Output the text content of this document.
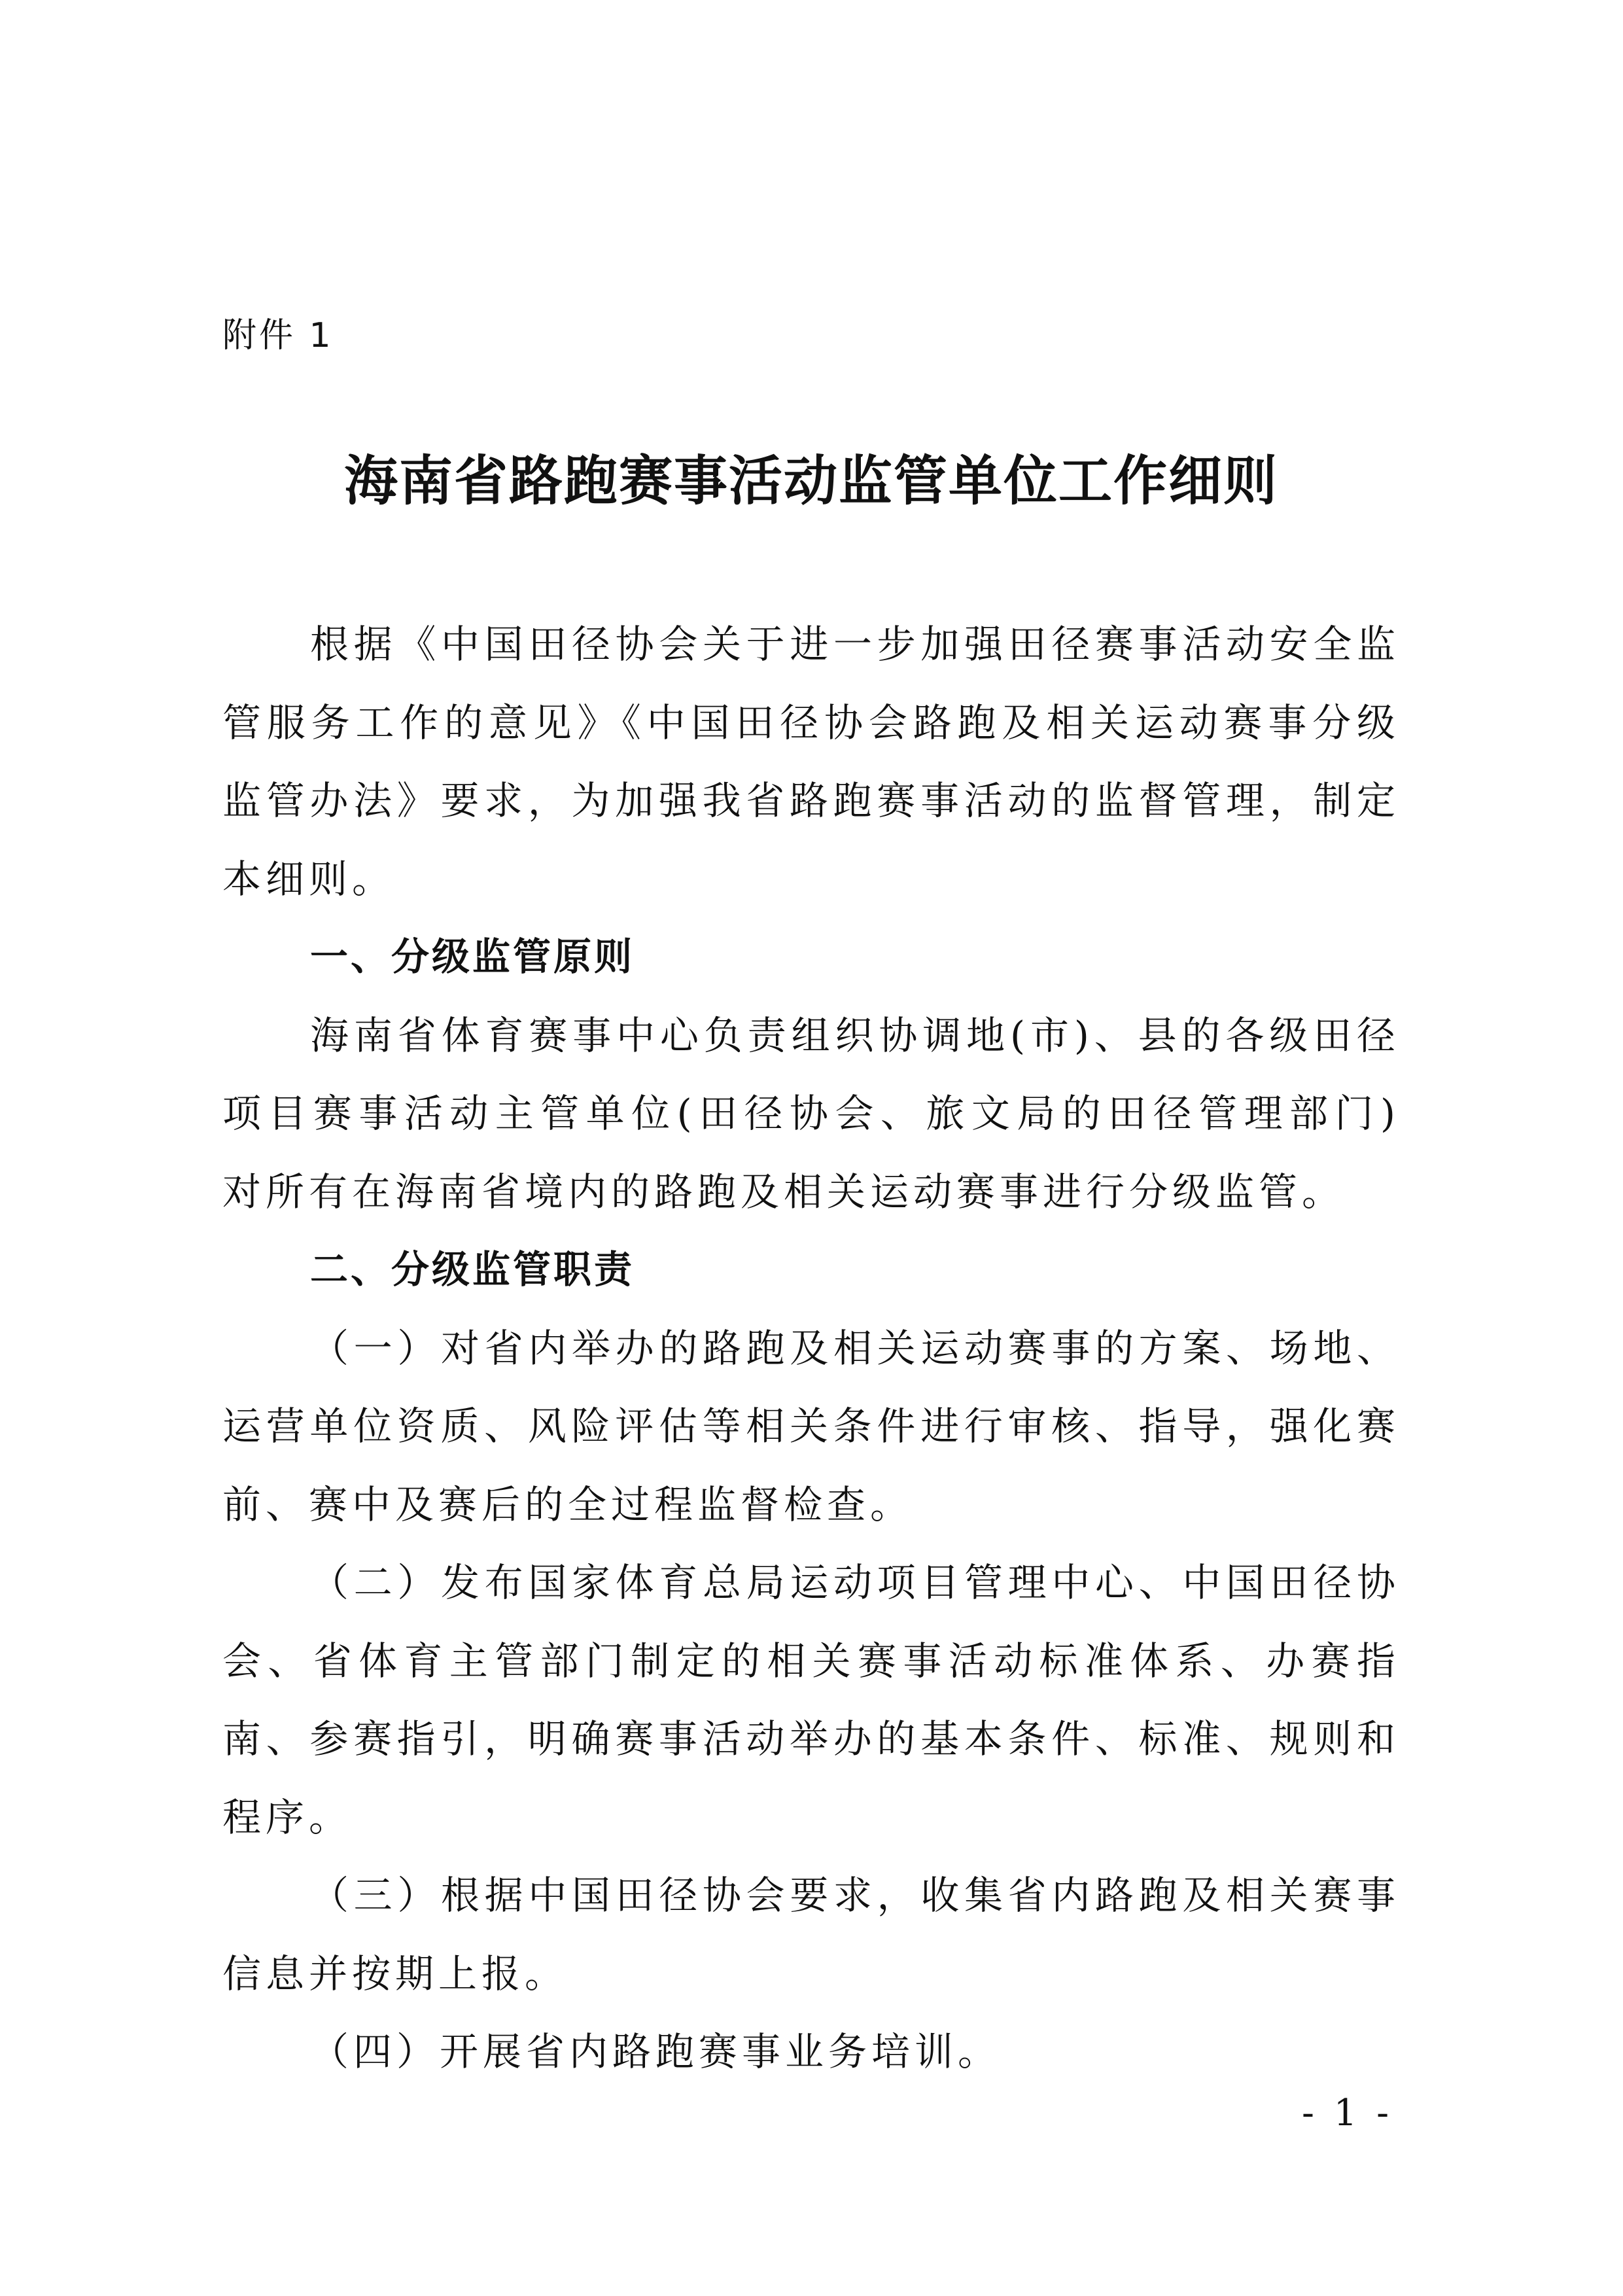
附件 1
海南省路跑赛事活动监管单位工作细则

根据《中国田径协会关于进一步加强田径赛事活动安全监管服务工作的意见》《中国田径协会路跑及相关运动赛事分级监管办法》要求，为加强我省路跑赛事活动的监督管理，制定本细则。

一、分级监管原则

海南省体育赛事中心负责组织协调地(市)、县的各级田径项目赛事活动主管单位(田径协会、旅文局的田径管理部门) 对所有在海南省境内的路跑及相关运动赛事进行分级监管。

二、分级监管职责

（一）对省内举办的路跑及相关运动赛事的方案、场地、运营单位资质、风险评估等相关条件进行审核、指导，强化赛前、赛中及赛后的全过程监督检查。

（二）发布国家体育总局运动项目管理中心、中国田径协会、省体育主管部门制定的相关赛事活动标准体系、办赛指南、参赛指引，明确赛事活动举办的基本条件、标准、规则和程序。

（三）根据中国田径协会要求，收集省内路跑及相关赛事信息并按期上报。

（四）开展省内路跑赛事业务培训。

- 1 -
